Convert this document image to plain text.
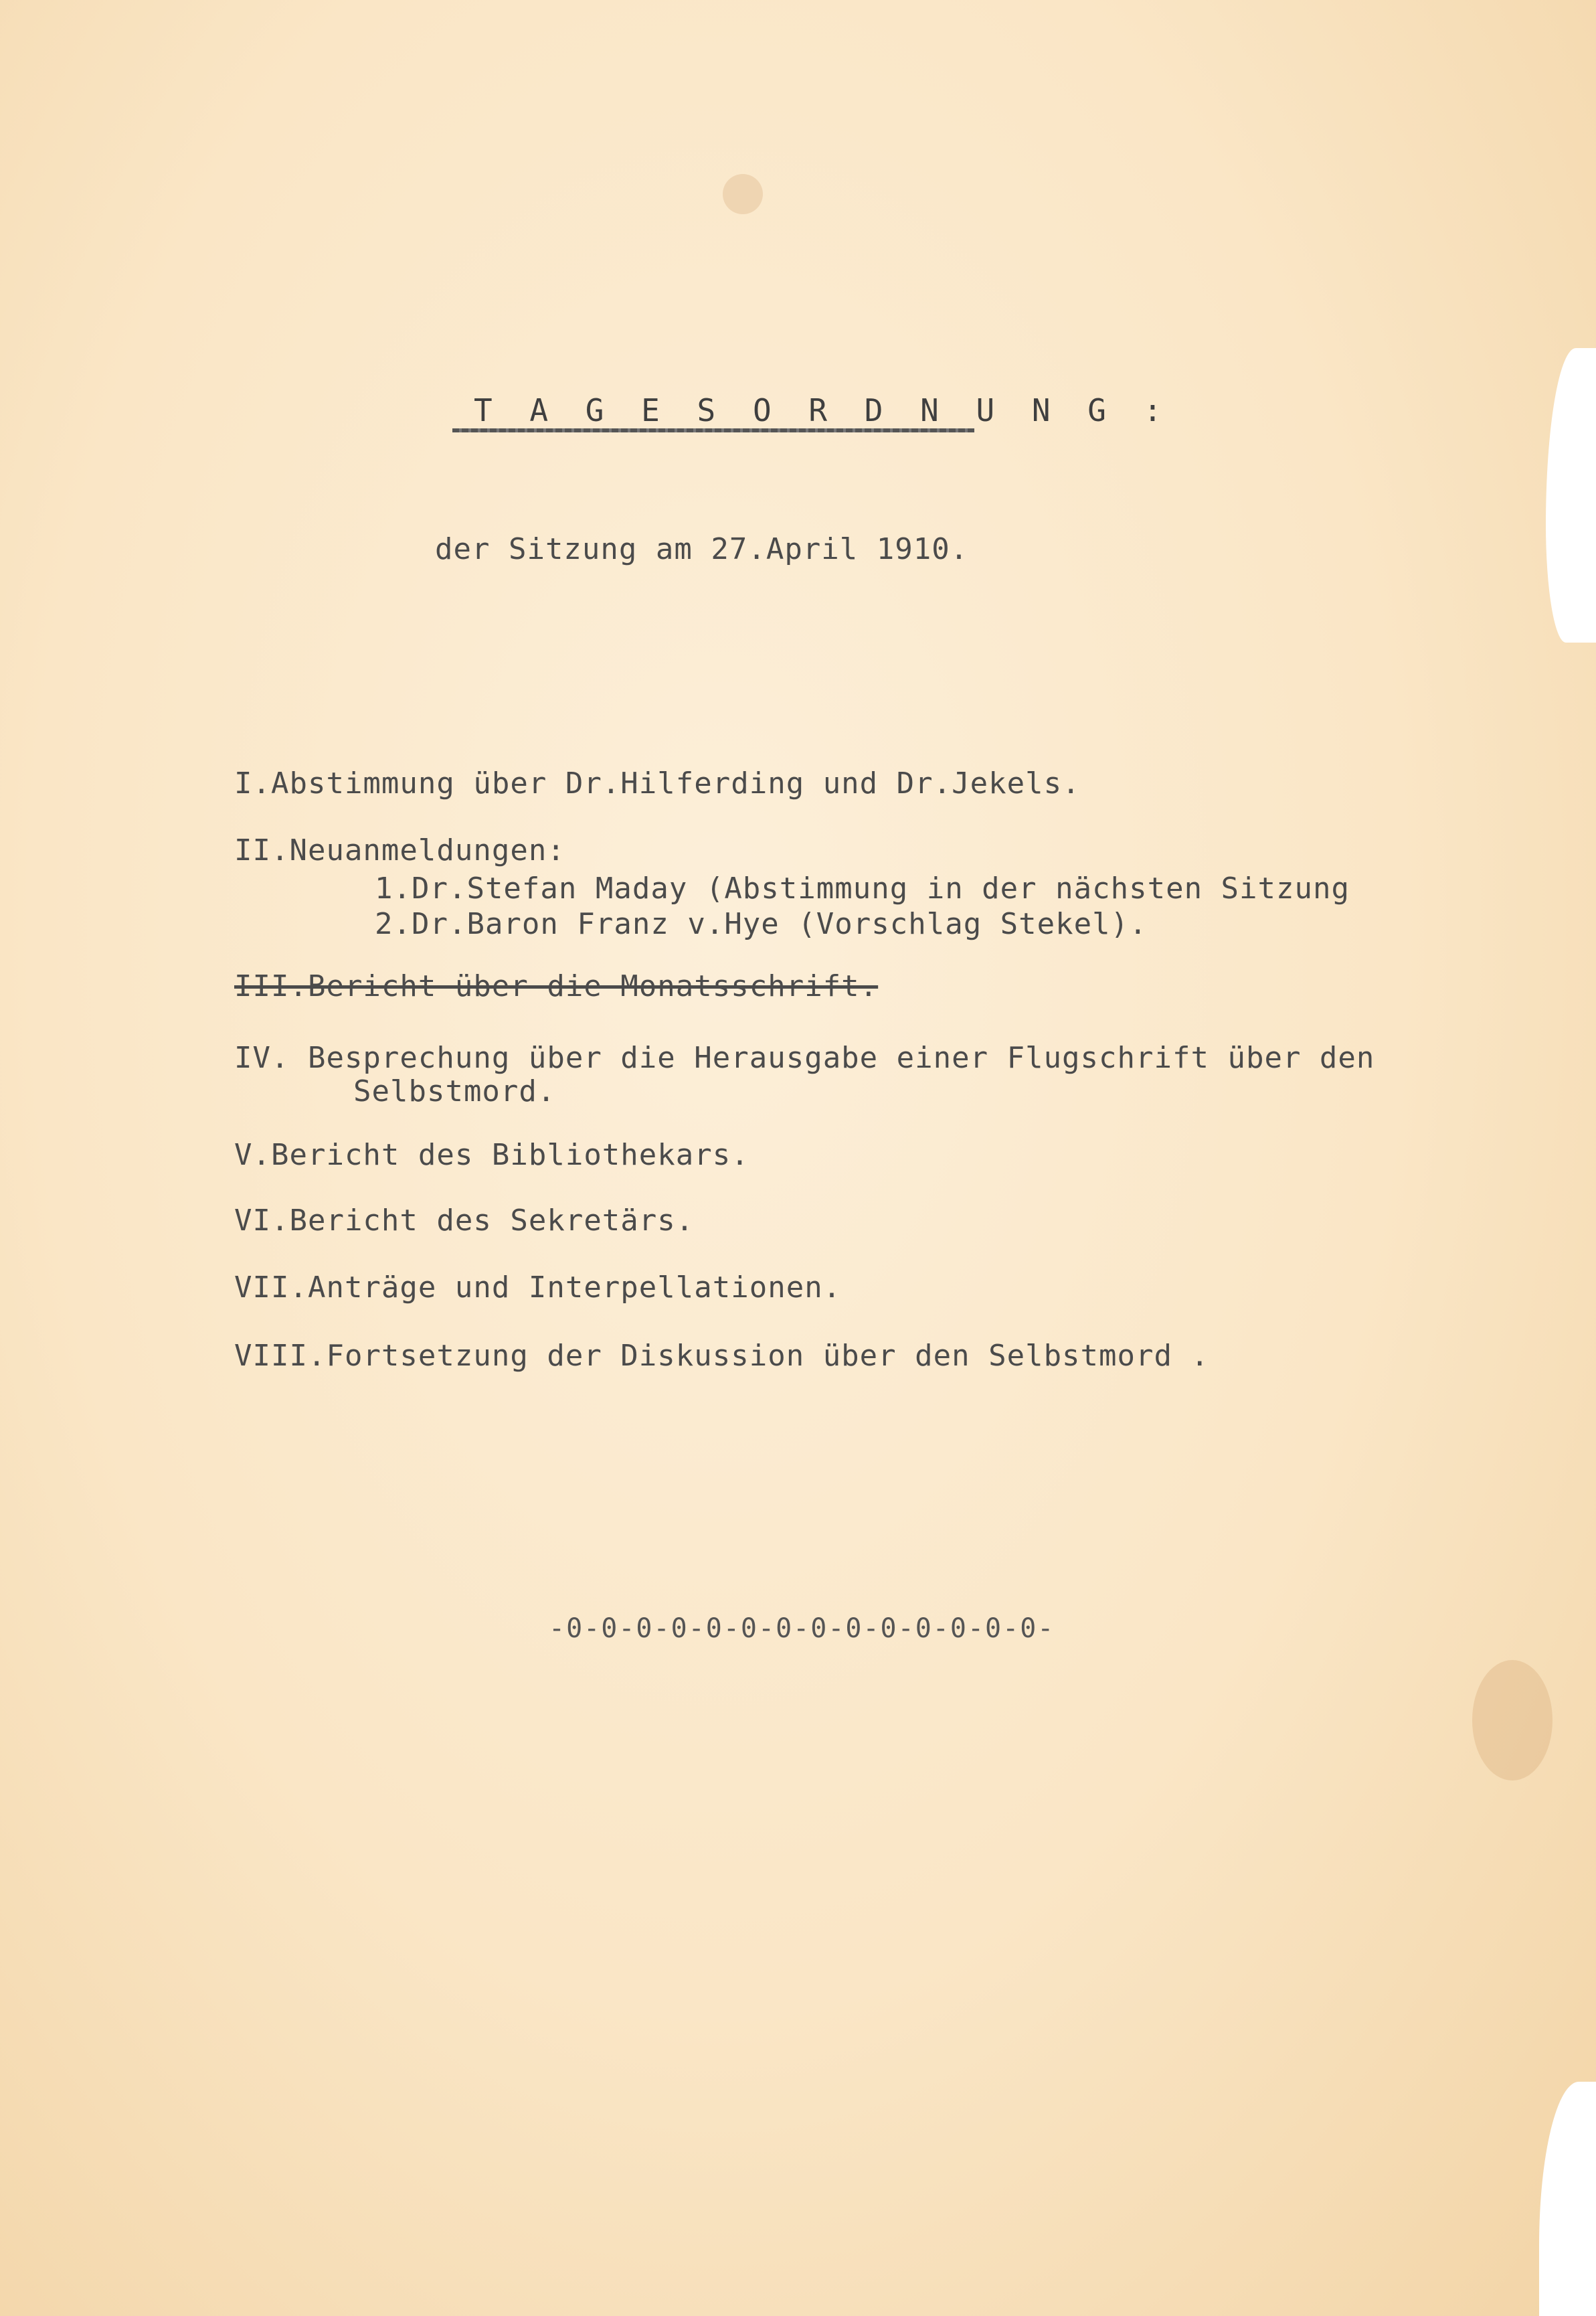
T A G E S O R D N U N G :
der Sitzung am 27.April 1910.
I.Abstimmung über Dr.Hilferding und Dr.Jekels.
II.Neuanmeldungen:
1.Dr.Stefan Maday (Abstimmung in der nächsten Sitzung
2.Dr.Baron Franz v.Hye (Vorschlag Stekel).
III.Bericht über die Monatsschrift.
IV. Besprechung über die Herausgabe einer Flugschrift über den
Selbstmord.
V.Bericht des Bibliothekars.
VI.Bericht des Sekretärs.
VII.Anträge und Interpellationen.
VIII.Fortsetzung der Diskussion über den Selbstmord .
-0-0-0-0-0-0-0-0-0-0-0-0-0-0-
